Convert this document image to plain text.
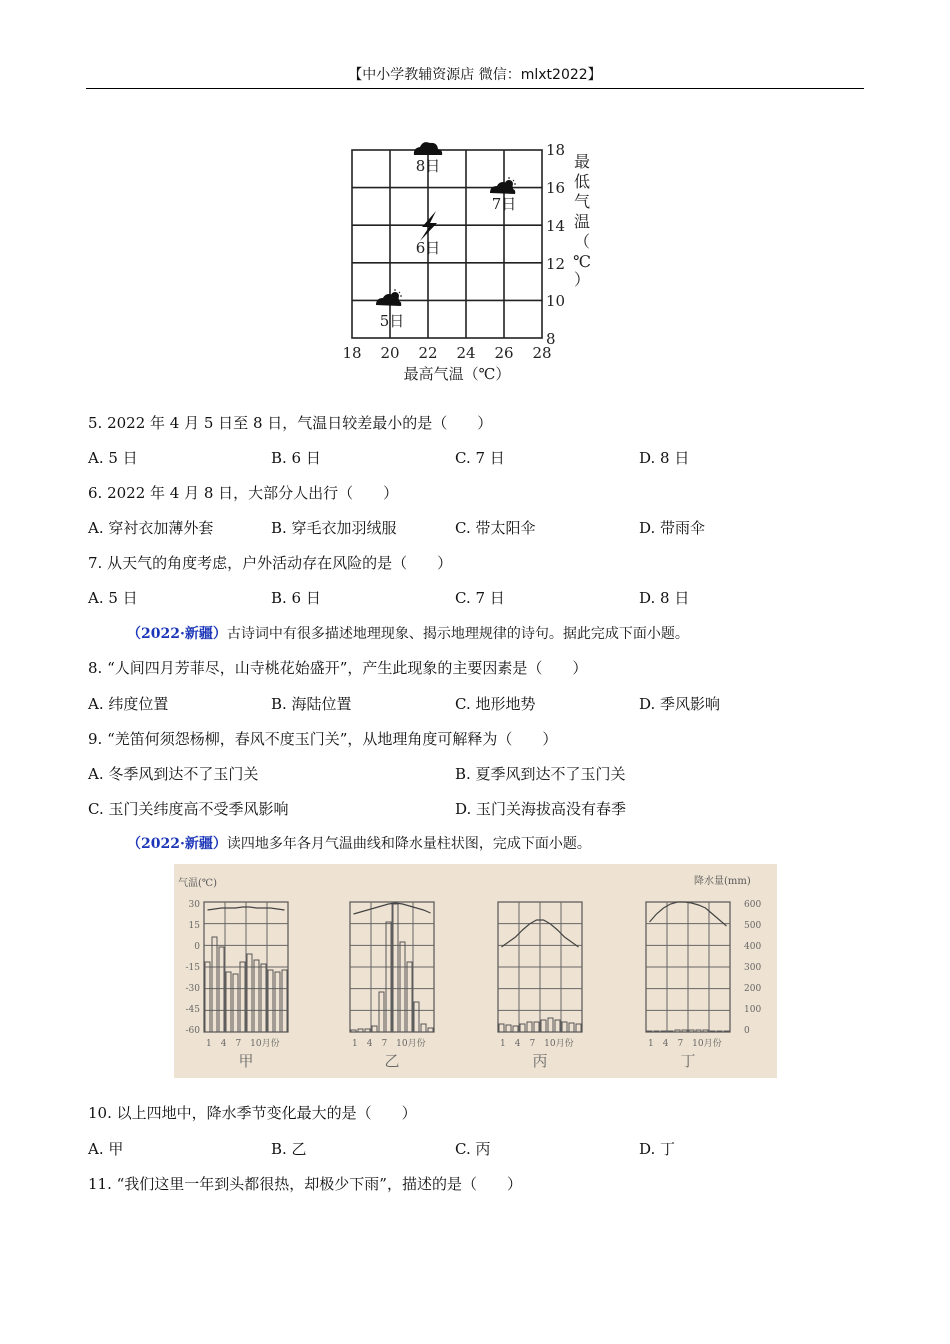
【中小学教辅资源店 微信：mlxt2022】
18 20 22 24 26 28
最高气温（℃）
18
16
14
12
10
8
最
低
气
温
（
℃
）
5日
6日
7日
8日
5. 2022 年 4 月 5 日至 8 日，气温日较差最小的是（　　）
A. 5 日	B. 6 日	C. 7 日	D. 8 日
6. 2022 年 4 月 8 日，大部分人出行（　　）
A. 穿衬衣加薄外套	B. 穿毛衣加羽绒服	C. 带太阳伞	D. 带雨伞
7. 从天气的角度考虑，户外活动存在风险的是（　　）
A. 5 日	B. 6 日	C. 7 日	D. 8 日
（2022·新疆）古诗词中有很多描述地理现象、揭示地理规律的诗句。据此完成下面小题。
8. “人间四月芳菲尽，山寺桃花始盛开”，产生此现象的主要因素是（　　）
A. 纬度位置	B. 海陆位置	C. 地形地势	D. 季风影响
9. “羌笛何须怨杨柳，春风不度玉门关”，从地理角度可解释为（　　）
A. 冬季风到达不了玉门关	B. 夏季风到达不了玉门关
C. 玉门关纬度高不受季风影响	D. 玉门关海拔高没有春季
（2022·新疆）读四地多年各月气温曲线和降水量柱状图，完成下面小题。
气温(℃)	降水量(mm)
30
15
0
-15
-30
-45
-60
600
500
400
300
200
100
0
1　4　7　10月份
甲
1　4　7　10月份
乙
1　4　7　10月份
丙
1　4　7　10月份
丁
10. 以上四地中，降水季节变化最大的是（　　）
A. 甲	B. 乙	C. 丙	D. 丁
11. “我们这里一年到头都很热，却极少下雨”，描述的是（　　）
